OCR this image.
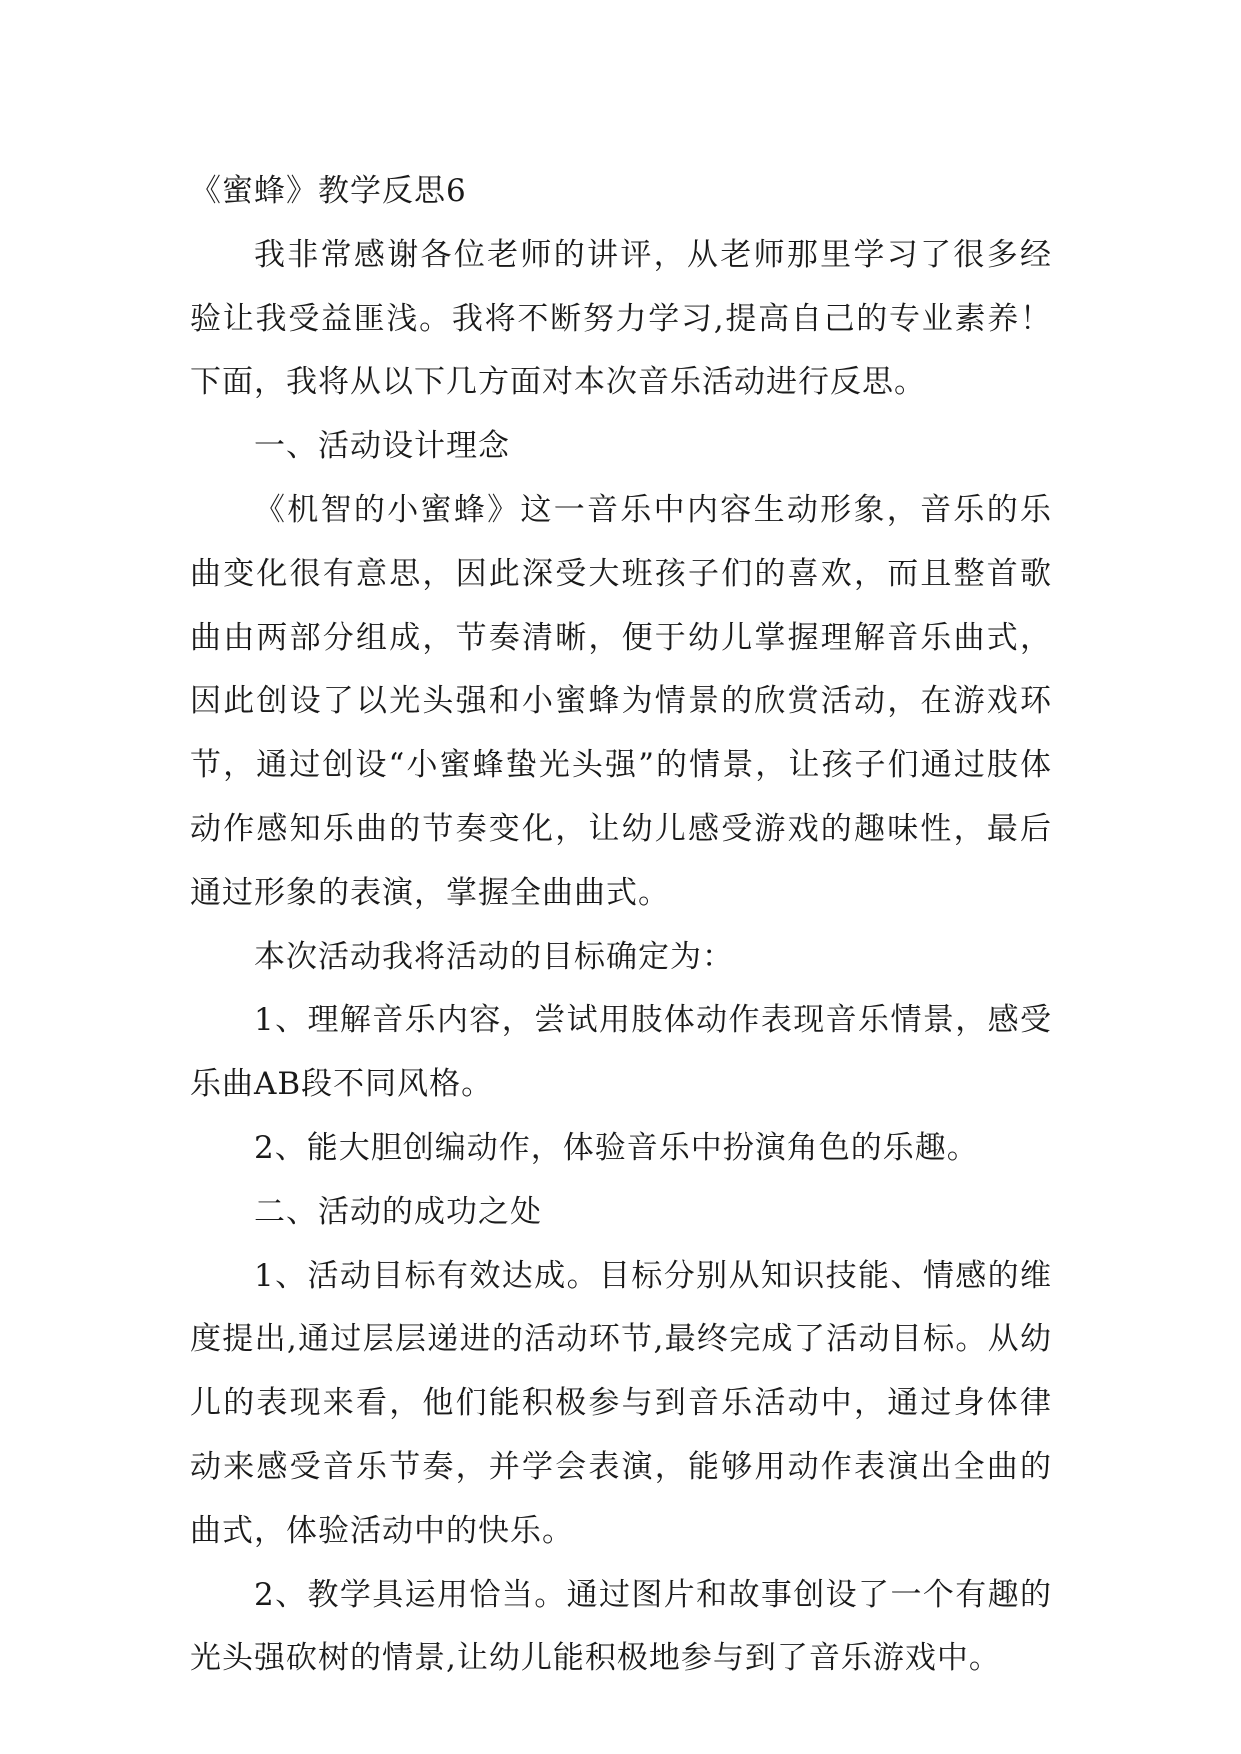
《蜜蜂》教学反思6

我非常感谢各位老师的讲评，从老师那里学习了很多经验让我受益匪浅。我将不断努力学习,提高自己的专业素养！下面，我将从以下几方面对本次音乐活动进行反思。

一、活动设计理念

《机智的小蜜蜂》这一音乐中内容生动形象，音乐的乐曲变化很有意思，因此深受大班孩子们的喜欢，而且整首歌曲由两部分组成，节奏清晰，便于幼儿掌握理解音乐曲式，因此创设了以光头强和小蜜蜂为情景的欣赏活动，在游戏环节，通过创设“小蜜蜂蛰光头强”的情景，让孩子们通过肢体动作感知乐曲的节奏变化，让幼儿感受游戏的趣味性，最后通过形象的表演，掌握全曲曲式。

本次活动我将活动的目标确定为：

1、理解音乐内容，尝试用肢体动作表现音乐情景，感受乐曲AB段不同风格。

2、能大胆创编动作，体验音乐中扮演角色的乐趣。

二、活动的成功之处

1、活动目标有效达成。目标分别从知识技能、情感的维度提出,通过层层递进的活动环节,最终完成了活动目标。从幼儿的表现来看，他们能积极参与到音乐活动中，通过身体律动来感受音乐节奏，并学会表演，能够用动作表演出全曲的曲式，体验活动中的快乐。

2、教学具运用恰当。通过图片和故事创设了一个有趣的光头强砍树的情景,让幼儿能积极地参与到了音乐游戏中。
